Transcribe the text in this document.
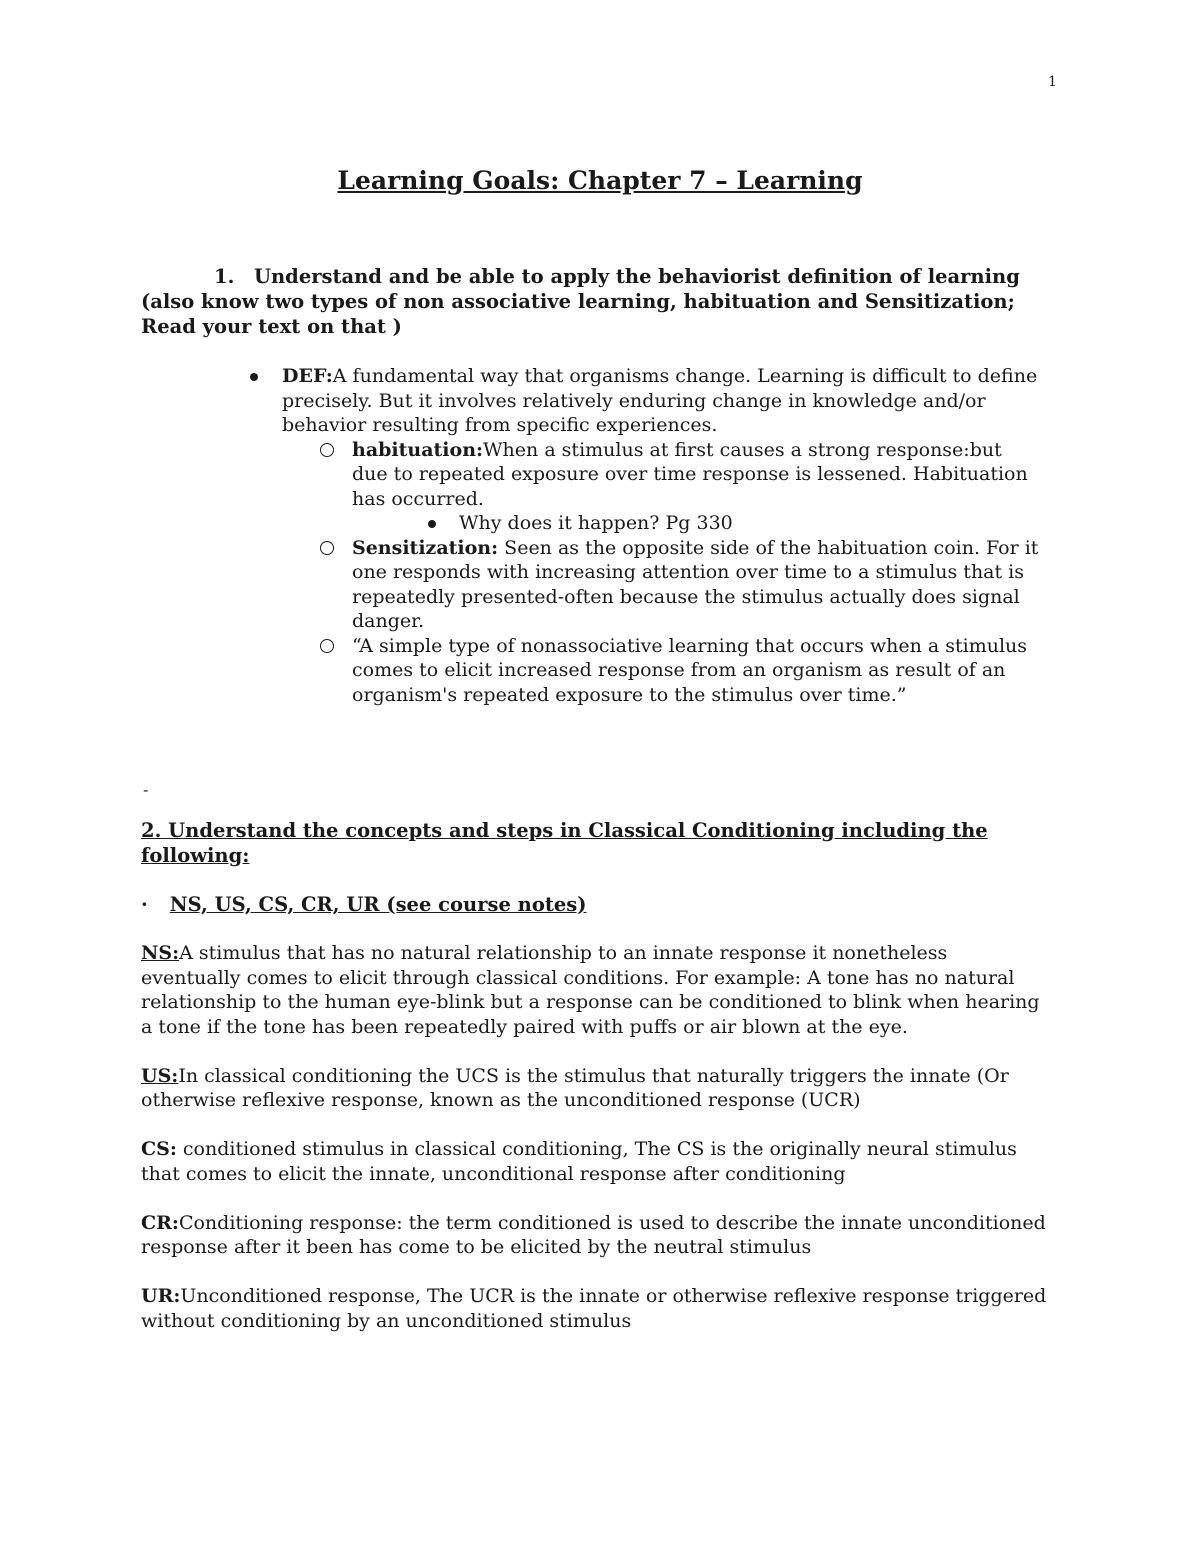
1
Learning Goals: Chapter 7 – Learning

1. Understand and be able to apply the behaviorist definition of learning (also know two types of non associative learning, habituation and Sensitization; Read your text on that )

DEF:A fundamental way that organisms change. Learning is difficult to define precisely. But it involves relatively enduring change in knowledge and/or behavior resulting from specific experiences.
habituation:When a stimulus at first causes a strong response:but due to repeated exposure over time response is lessened. Habituation has occurred.
Why does it happen? Pg 330
Sensitization: Seen as the opposite side of the habituation coin. For it one responds with increasing attention over time to a stimulus that is repeatedly presented-often because the stimulus actually does signal danger.
“A simple type of nonassociative learning that occurs when a stimulus comes to elicit increased response from an organism as result of an organism's repeated exposure to the stimulus over time.”
-

2. Understand the concepts and steps in Classical Conditioning including the following:

· NS, US, CS, CR, UR (see course notes)

NS:A stimulus that has no natural relationship to an innate response it nonetheless eventually comes to elicit through classical conditions. For example: A tone has no natural relationship to the human eye-blink but a response can be conditioned to blink when hearing a tone if the tone has been repeatedly paired with puffs or air blown at the eye.

US:In classical conditioning the UCS is the stimulus that naturally triggers the innate (Or otherwise reflexive response, known as the unconditioned response (UCR)

CS: conditioned stimulus in classical conditioning, The CS is the originally neural stimulus that comes to elicit the innate, unconditional response after conditioning

CR:Conditioning response: the term conditioned is used to describe the innate unconditioned response after it been has come to be elicited by the neutral stimulus

UR:Unconditioned response, The UCR is the innate or otherwise reflexive response triggered without conditioning by an unconditioned stimulus
